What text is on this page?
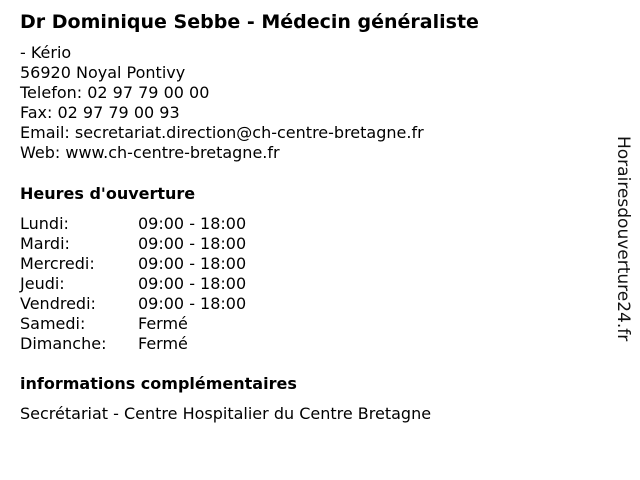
Dr Dominique Sebbe - Médecin généraliste
- Kério
56920 Noyal Pontivy
Telefon: 02 97 79 00 00
Fax: 02 97 79 00 93
Email: secretariat.direction@ch-centre-bretagne.fr
Web: www.ch-centre-bretagne.fr
Heures d'ouverture
Lundi:	09:00 - 18:00
Mardi:	09:00 - 18:00
Mercredi:	09:00 - 18:00
Jeudi:	09:00 - 18:00
Vendredi:	09:00 - 18:00
Samedi:	Fermé
Dimanche: Fermé
informations complémentaires
Secrétariat - Centre Hospitalier du Centre Bretagne
Horairesdouverture24.fr
